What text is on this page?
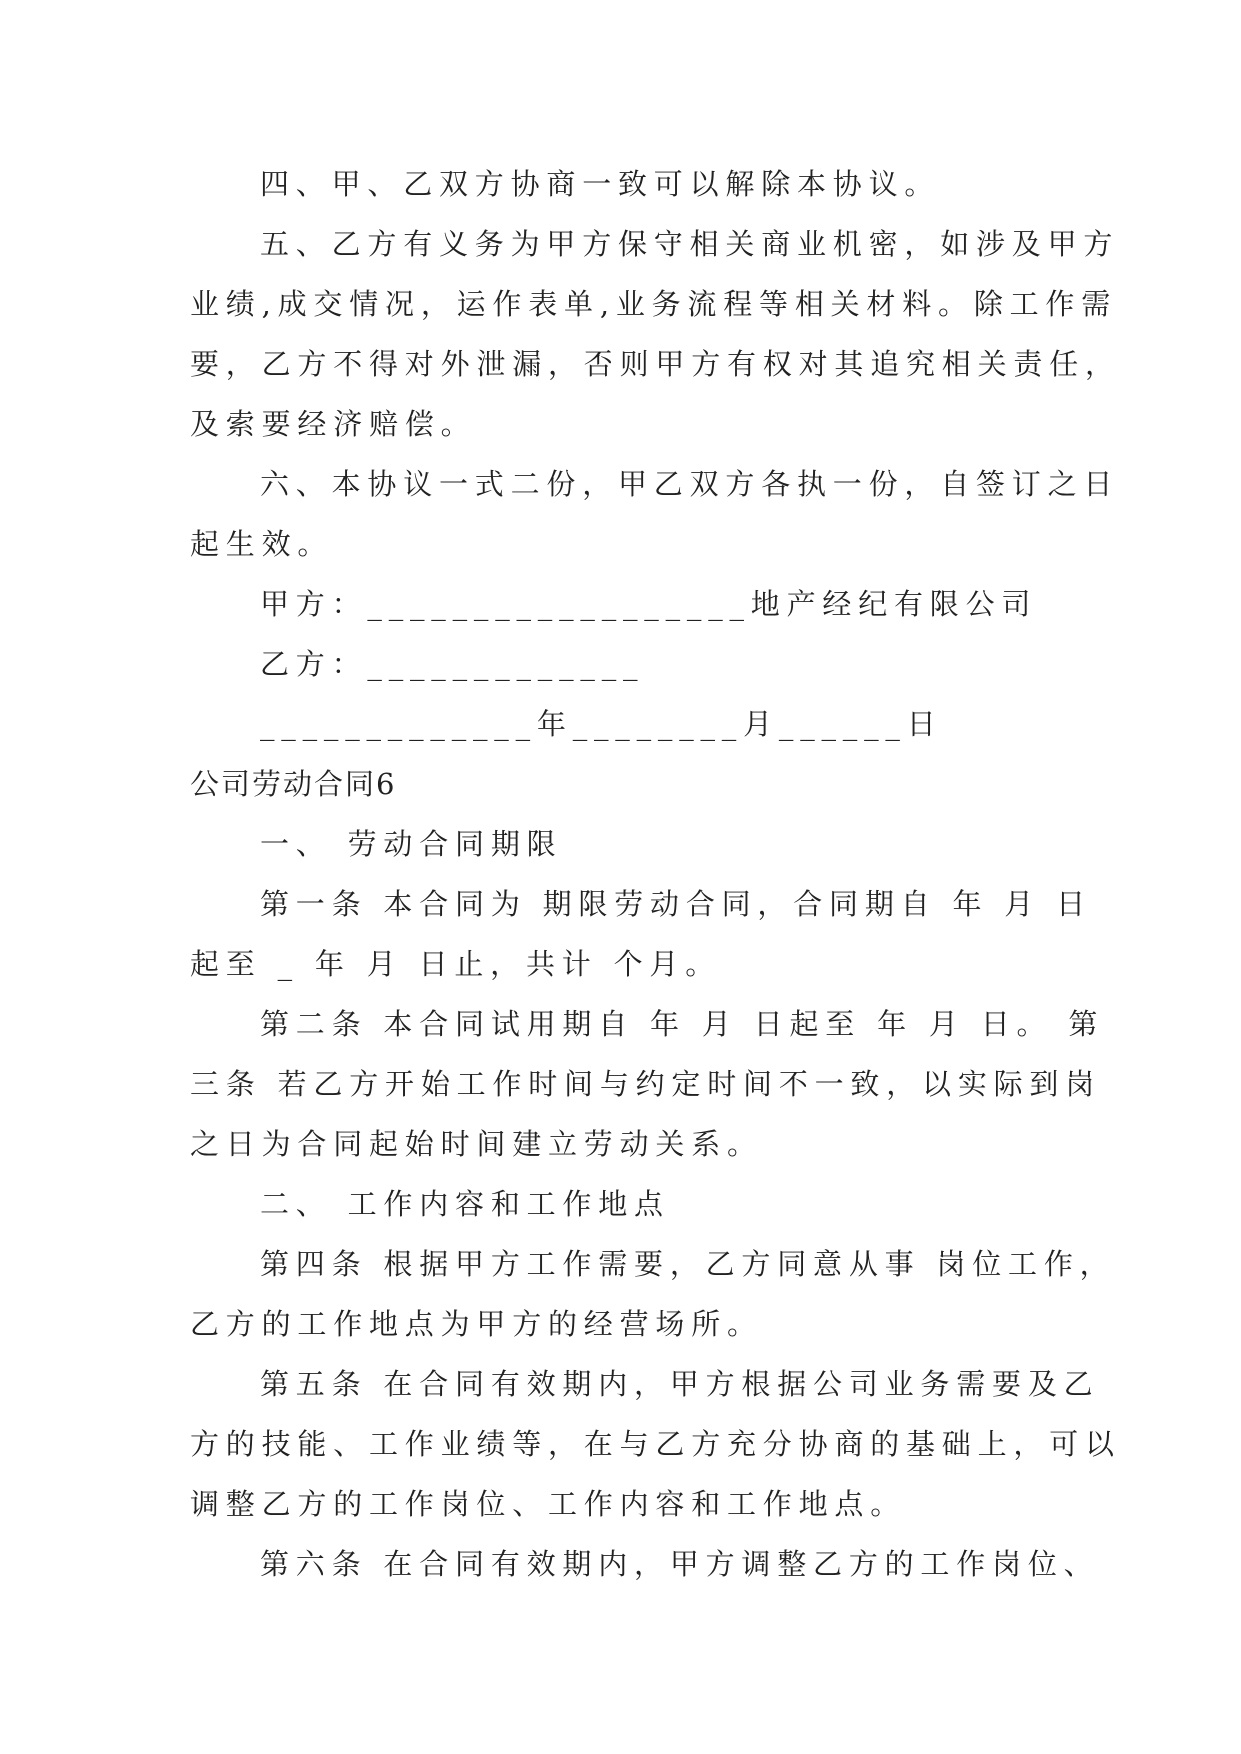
四、甲、乙双方协商一致可以解除本协议。

五、乙方有义务为甲方保守相关商业机密，如涉及甲方

业绩,成交情况，运作表单,业务流程等相关材料。除工作需

要，乙方不得对外泄漏，否则甲方有权对其追究相关责任，

及索要经济赔偿。

六、本协议一式二份，甲乙双方各执一份，自签订之日

起生效。

甲方：__________________地产经纪有限公司

乙方：_____________

_____________年________月______日

公司劳动合同6

一、 劳动合同期限

第一条 本合同为 期限劳动合同，合同期自 年 月 日

起至 _ 年 月 日止，共计 个月。

第二条 本合同试用期自 年 月 日起至 年 月 日。 第

三条 若乙方开始工作时间与约定时间不一致，以实际到岗

之日为合同起始时间建立劳动关系。

二、 工作内容和工作地点

第四条 根据甲方工作需要，乙方同意从事 岗位工作，

乙方的工作地点为甲方的经营场所。

第五条 在合同有效期内，甲方根据公司业务需要及乙

方的技能、工作业绩等，在与乙方充分协商的基础上，可以

调整乙方的工作岗位、工作内容和工作地点。

第六条 在合同有效期内，甲方调整乙方的工作岗位、
